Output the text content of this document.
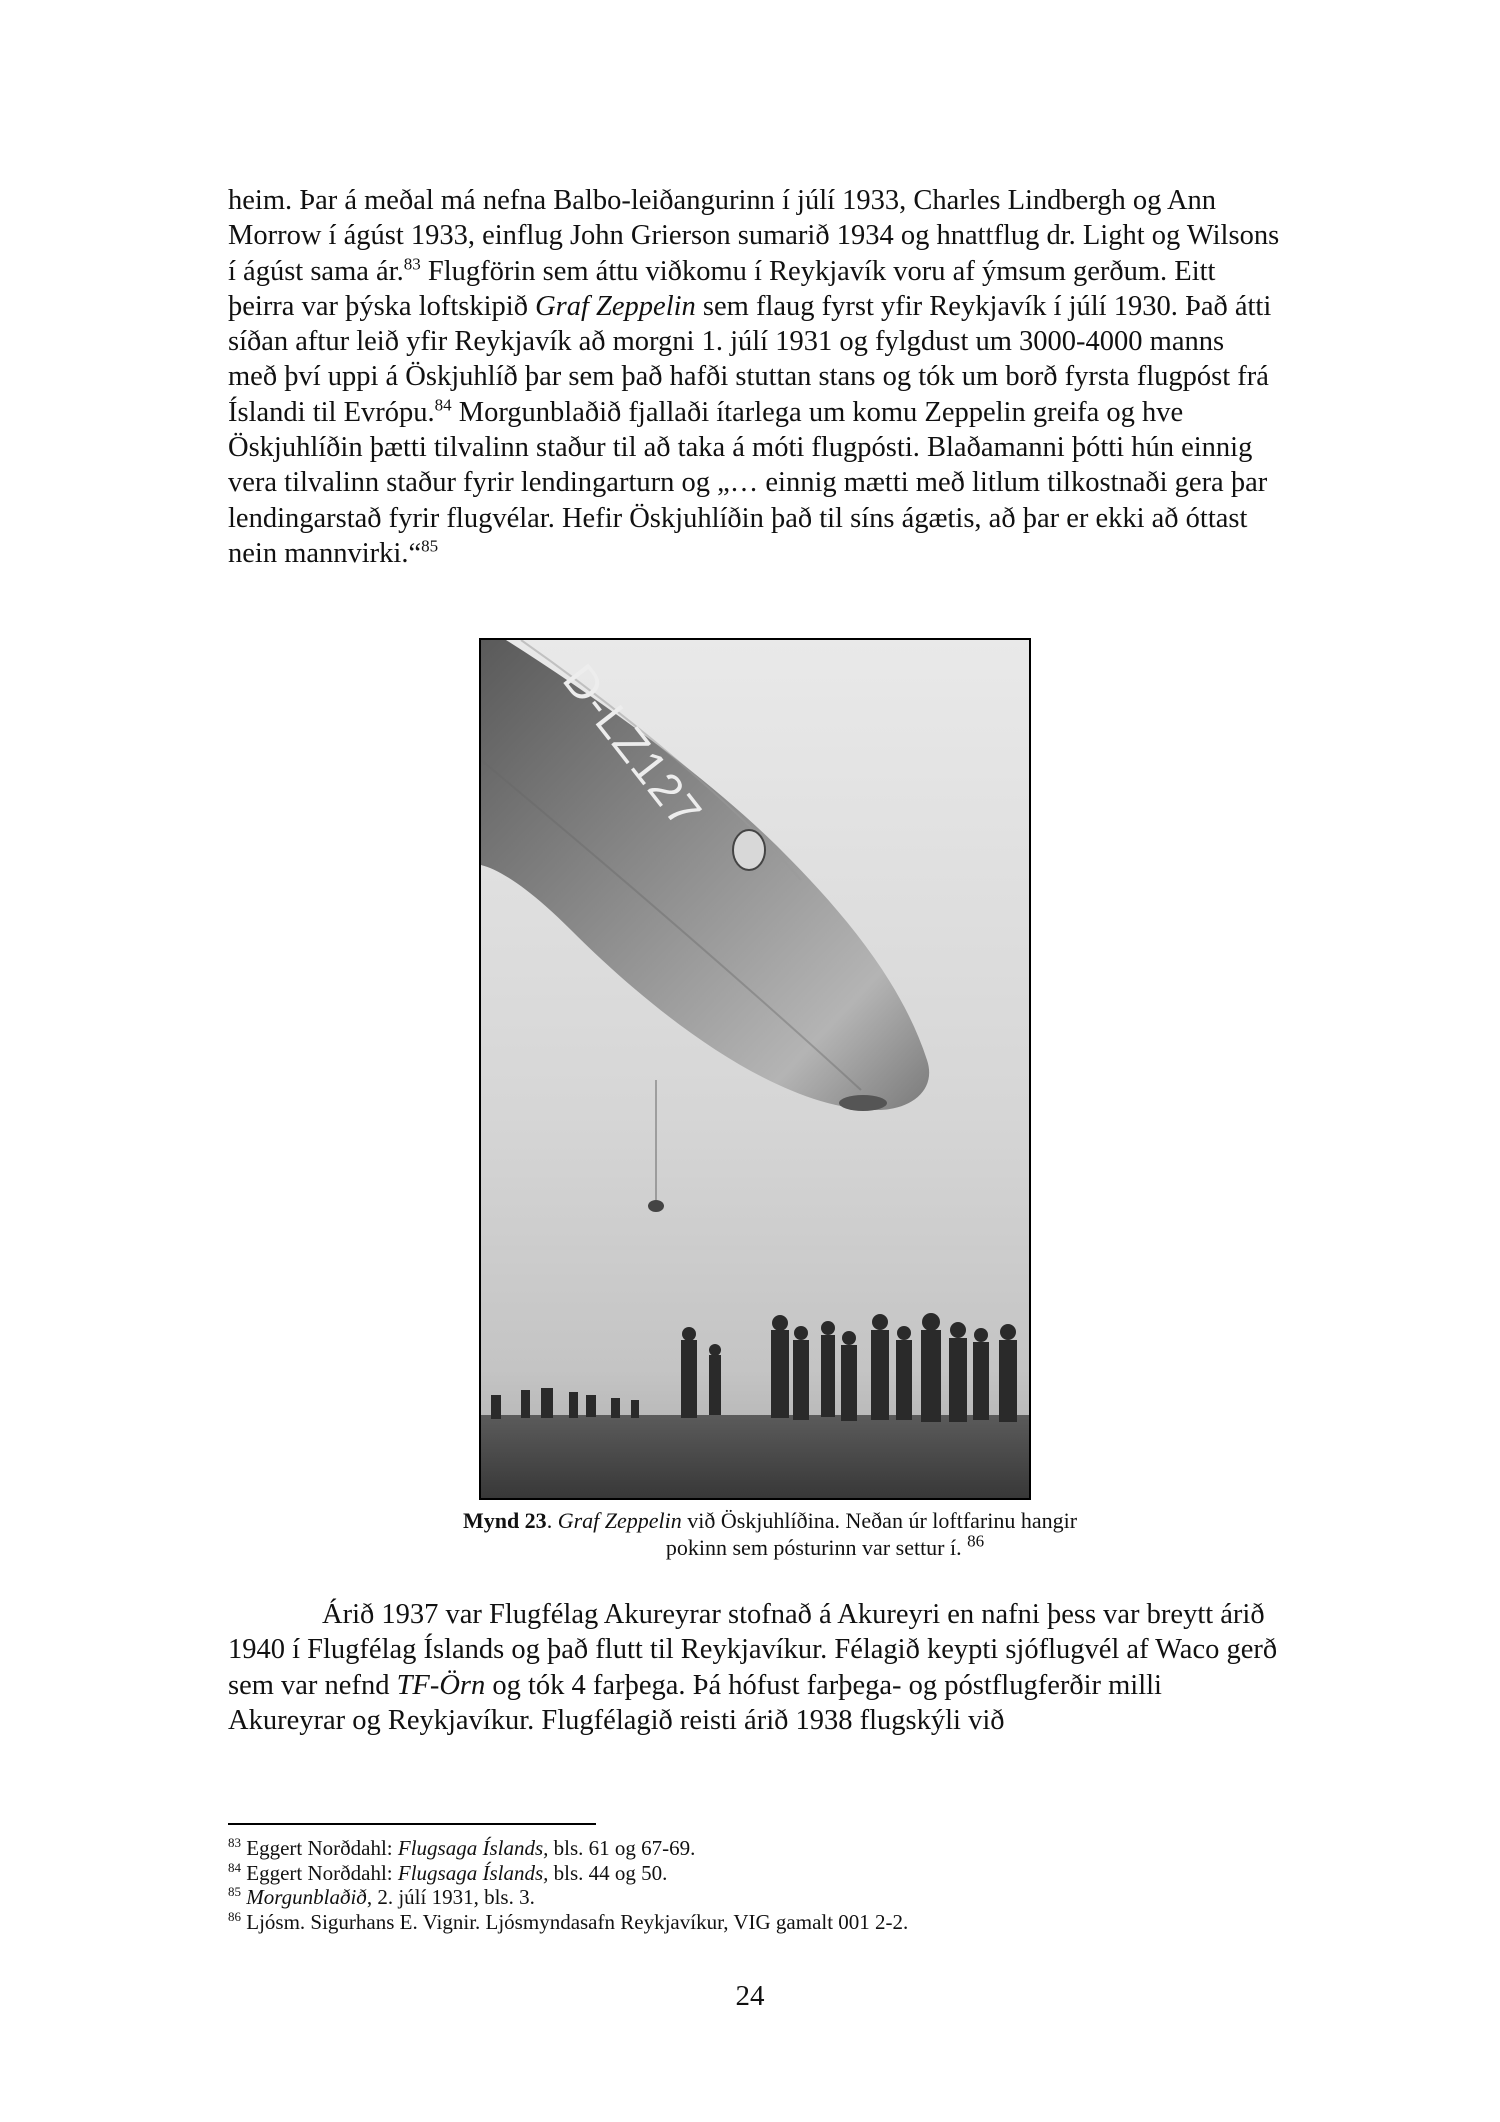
heim. Þar á meðal má nefna Balbo-leiðangurinn í júlí 1933, Charles Lindbergh og Ann Morrow í ágúst 1933, einflug John Grierson sumarið 1934 og hnattflug dr. Light og Wilsons í ágúst sama ár.$^{83}$ Flugförin sem áttu viðkomu í Reykjavík voru af ýmsum gerðum. Eitt þeirra var þýska loftskipið Graf Zeppelin sem flaug fyrst yfir Reykjavík í júlí 1930. Það átti síðan aftur leið yfir Reykjavík að morgni 1. júlí 1931 og fylgdust um 3000-4000 manns með því uppi á Öskjuhlíð þar sem það hafði stuttan stans og tók um borð fyrsta flugpóst frá Íslandi til Evrópu.$^{84}$ Morgunblaðið fjallaði ítarlega um komu Zeppelin greifa og hve Öskjuhlíðin þætti tilvalinn staður til að taka á móti flugpósti. Blaðamanni þótti hún einnig vera tilvalinn staður fyrir lendingarturn og „… einnig mætti með litlum tilkostnaði gera þar lendingarstað fyrir flugvélar. Hefir Öskjuhlíðin það til síns ágætis, að þar er ekki að óttast nein mannvirki.“$^{85}$

D-LZ127

Mynd 23. Graf Zeppelin við Öskjuhlíðina. Neðan úr loftfarinu hangir
pokinn sem pósturinn var settur í. $^{86}$

Árið 1937 var Flugfélag Akureyrar stofnað á Akureyri en nafni þess var breytt árið 1940 í Flugfélag Íslands og það flutt til Reykjavíkur. Félagið keypti sjóflugvél af Waco gerð sem var nefnd TF-Örn og tók 4 farþega. Þá hófust farþega- og póstflugferðir milli Akureyrar og Reykjavíkur. Flugfélagið reisti árið 1938 flugskýli við

$^{83}$ Eggert Norðdahl: Flugsaga Íslands, bls. 61 og 67-69.
$^{84}$ Eggert Norðdahl: Flugsaga Íslands, bls. 44 og 50.
$^{85}$ Morgunblaðið, 2. júlí 1931, bls. 3.
$^{86}$ Ljósm. Sigurhans E. Vignir. Ljósmyndasafn Reykjavíkur, VIG gamalt 001 2-2.
24
